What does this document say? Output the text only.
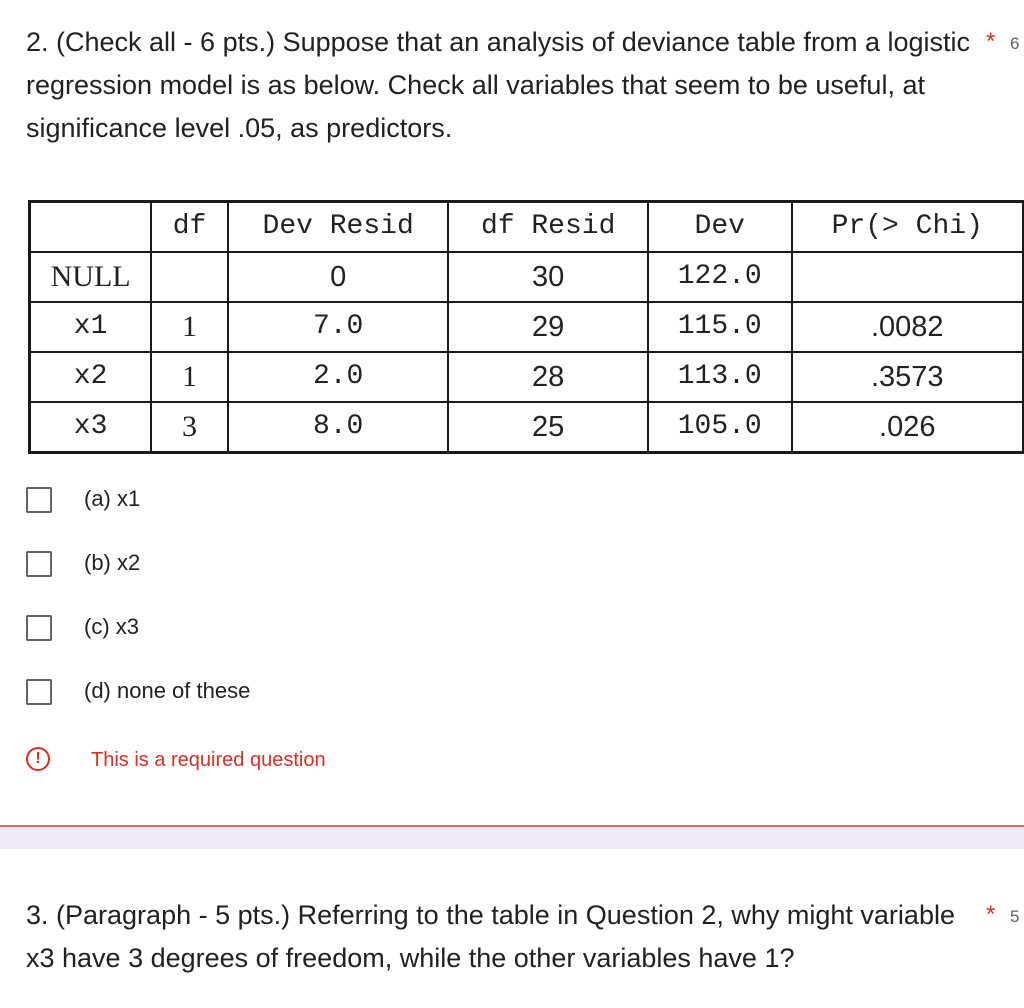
2. (Check all - 6 pts.) Suppose that an analysis of deviance table from a logistic regression model is as below. Check all variables that seem to be useful, at significance level .05, as predictors.
* 6
	df	Dev Resid	df Resid	Dev	Pr(> Chi)
NULL		0	30	122.0	
x1	1	7.0	29	115.0	.0082
x2	1	2.0	28	113.0	.3573
x3	3	8.0	25	105.0	.026
(a) x1
(b) x2
(c) x3
(d) none of these
!	This is a required question
3. (Paragraph - 5 pts.) Referring to the table in Question 2, why might variable x3 have 3 degrees of freedom, while the other variables have 1?
* 5
